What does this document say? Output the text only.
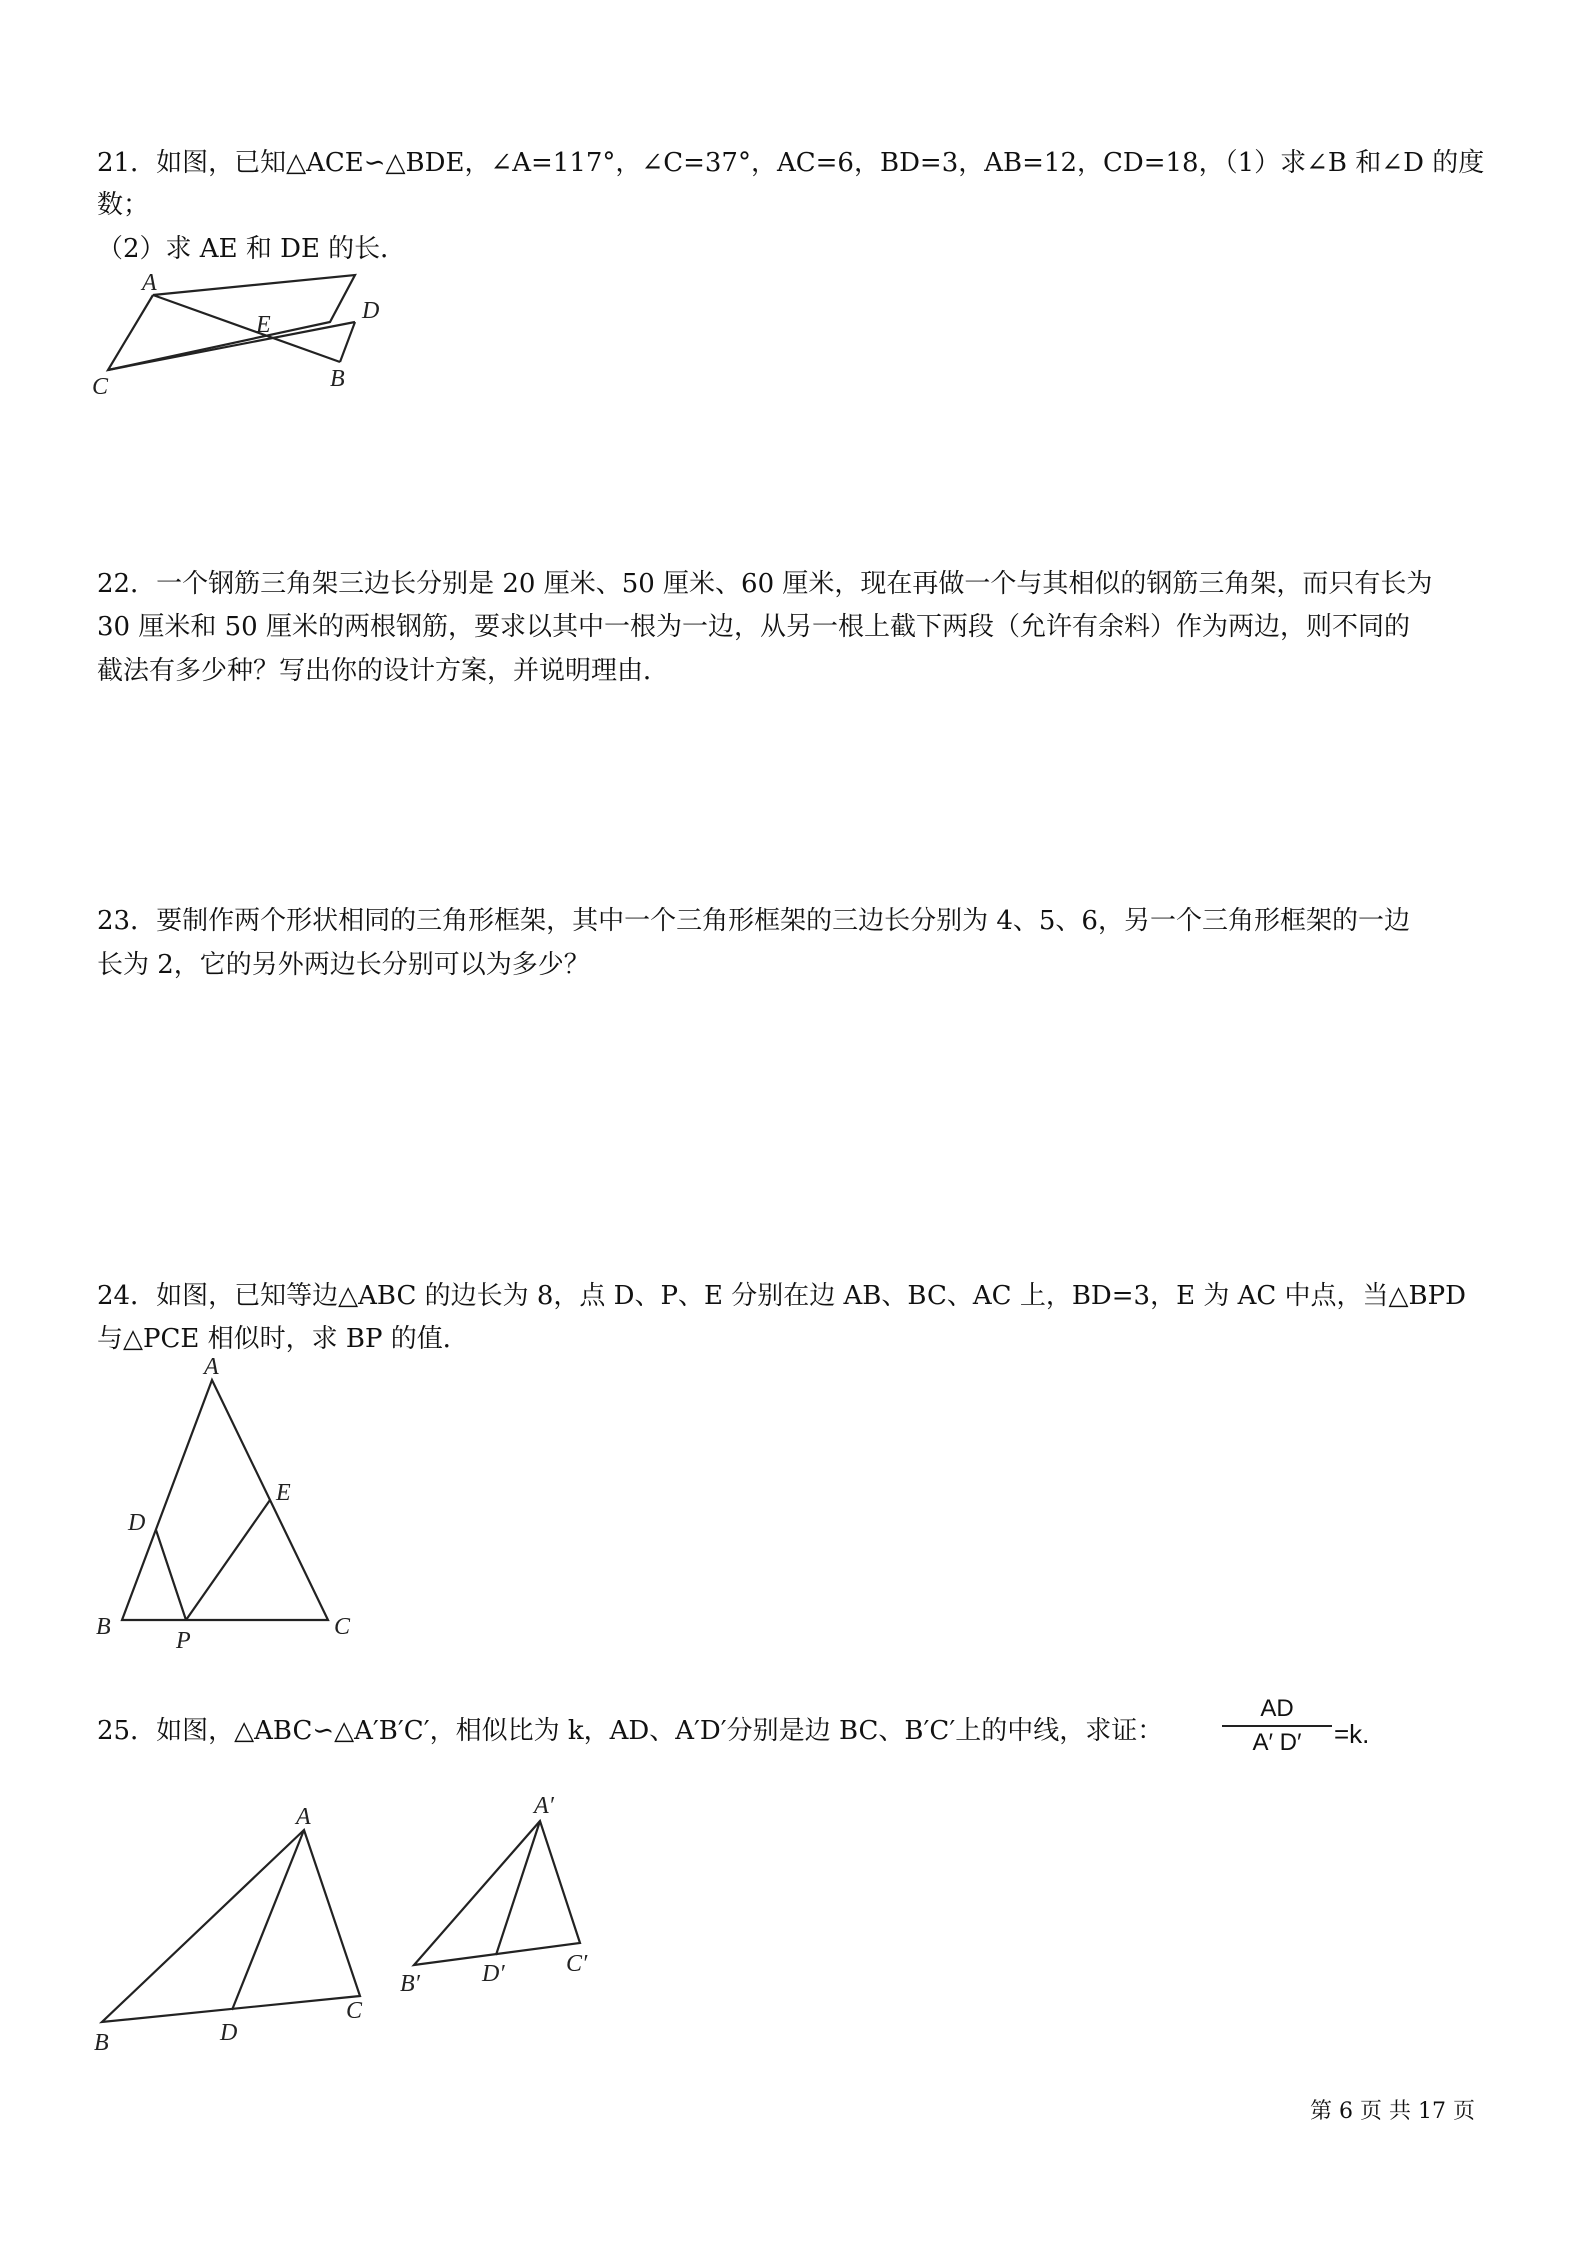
21．如图，已知△ACE∽△BDE，∠A=117°，∠C=37°，AC=6，BD=3，AB=12，CD=18，（1）求∠B 和∠D 的度
数；
（2）求 AE 和 DE 的长．
A
C
E
D
B
22．一个钢筋三角架三边长分别是 20 厘米、50 厘米、60 厘米，现在再做一个与其相似的钢筋三角架，而只有长为
30 厘米和 50 厘米的两根钢筋，要求以其中一根为一边，从另一根上截下两段（允许有余料）作为两边，则不同的
截法有多少种？写出你的设计方案，并说明理由．
23．要制作两个形状相同的三角形框架，其中一个三角形框架的三边长分别为 4、5、6，另一个三角形框架的一边
长为 2，它的另外两边长分别可以为多少？
24．如图，已知等边△ABC 的边长为 8，点 D、P、E 分别在边 AB、BC、AC 上，BD=3，E 为 AC 中点，当△BPD
与△PCE 相似时，求 BP 的值．
A
D
E
B
P
C
25．如图，△ABC∽△A′B′C′，相似比为 k，AD、A′D′分别是边 BC、B′C′上的中线，求证：
AD
A′ D′	=k.
A
B	D
C
A′
B′	D′	C′
第 6 页 共 17 页
